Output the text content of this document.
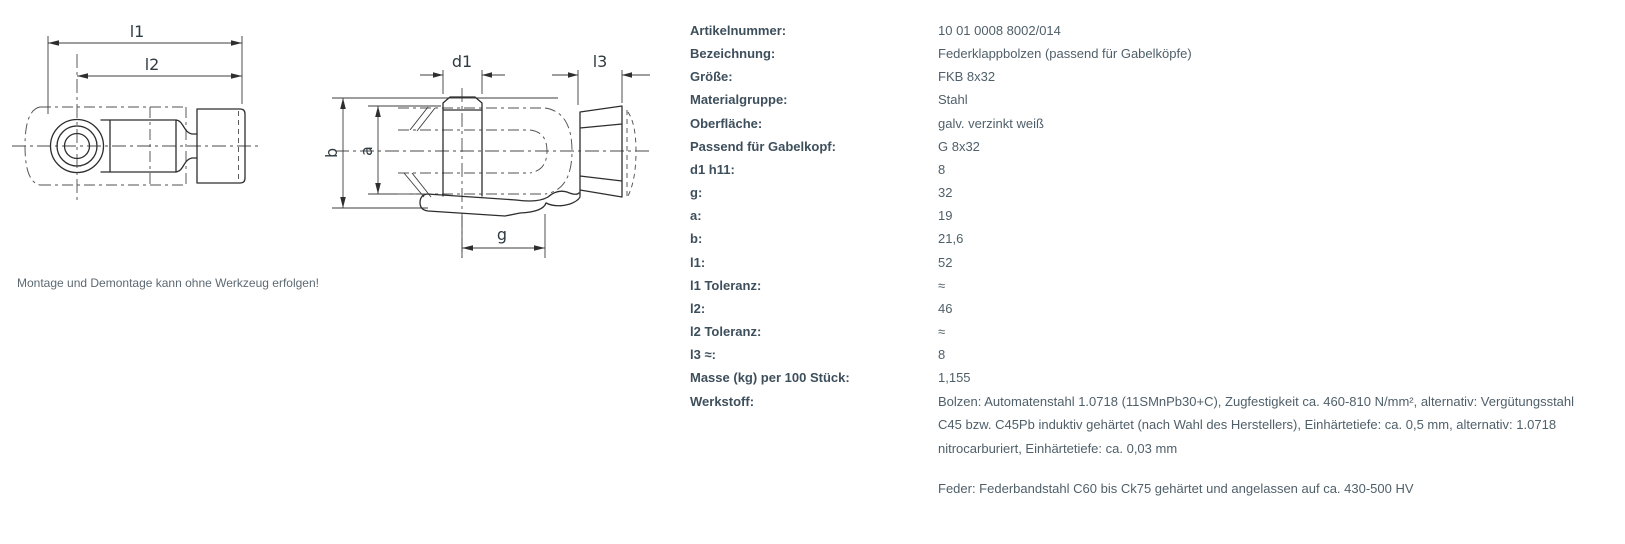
l1
l2
b a
d1	l3
g
Montage und Demontage kann ohne Werkzeug erfolgen!
Artikelnummer:	10 01 0008 8002/014
Bezeichnung:	Federklappbolzen (passend für Gabelköpfe)
Größe:	FKB 8x32
Materialgruppe:	Stahl
Oberfläche:	galv. verzinkt weiß
Passend für Gabelkopf:	G 8x32
d1 h11:	8
g:	32
a:	19
b:	21,6
l1:	52
l1 Toleranz:	≈
l2:	46
l2 Toleranz:	≈
l3 ≈:	8
Masse (kg) per 100 Stück:	1,155
Werkstoff:	Bolzen: Automatenstahl 1.0718 (11SMnPb30+C), Zugfestigkeit ca. 460-810 N/mm², alternativ: Vergütungsstahl C45 bzw. C45Pb induktiv gehärtet (nach Wahl des Herstellers), Einhärtetiefe: ca. 0,5 mm, alternativ: 1.0718 nitrocarburiert, Einhärtetiefe: ca. 0,03 mm

Feder: Federbandstahl C60 bis Ck75 gehärtet und angelassen auf ca. 430-500 HV
